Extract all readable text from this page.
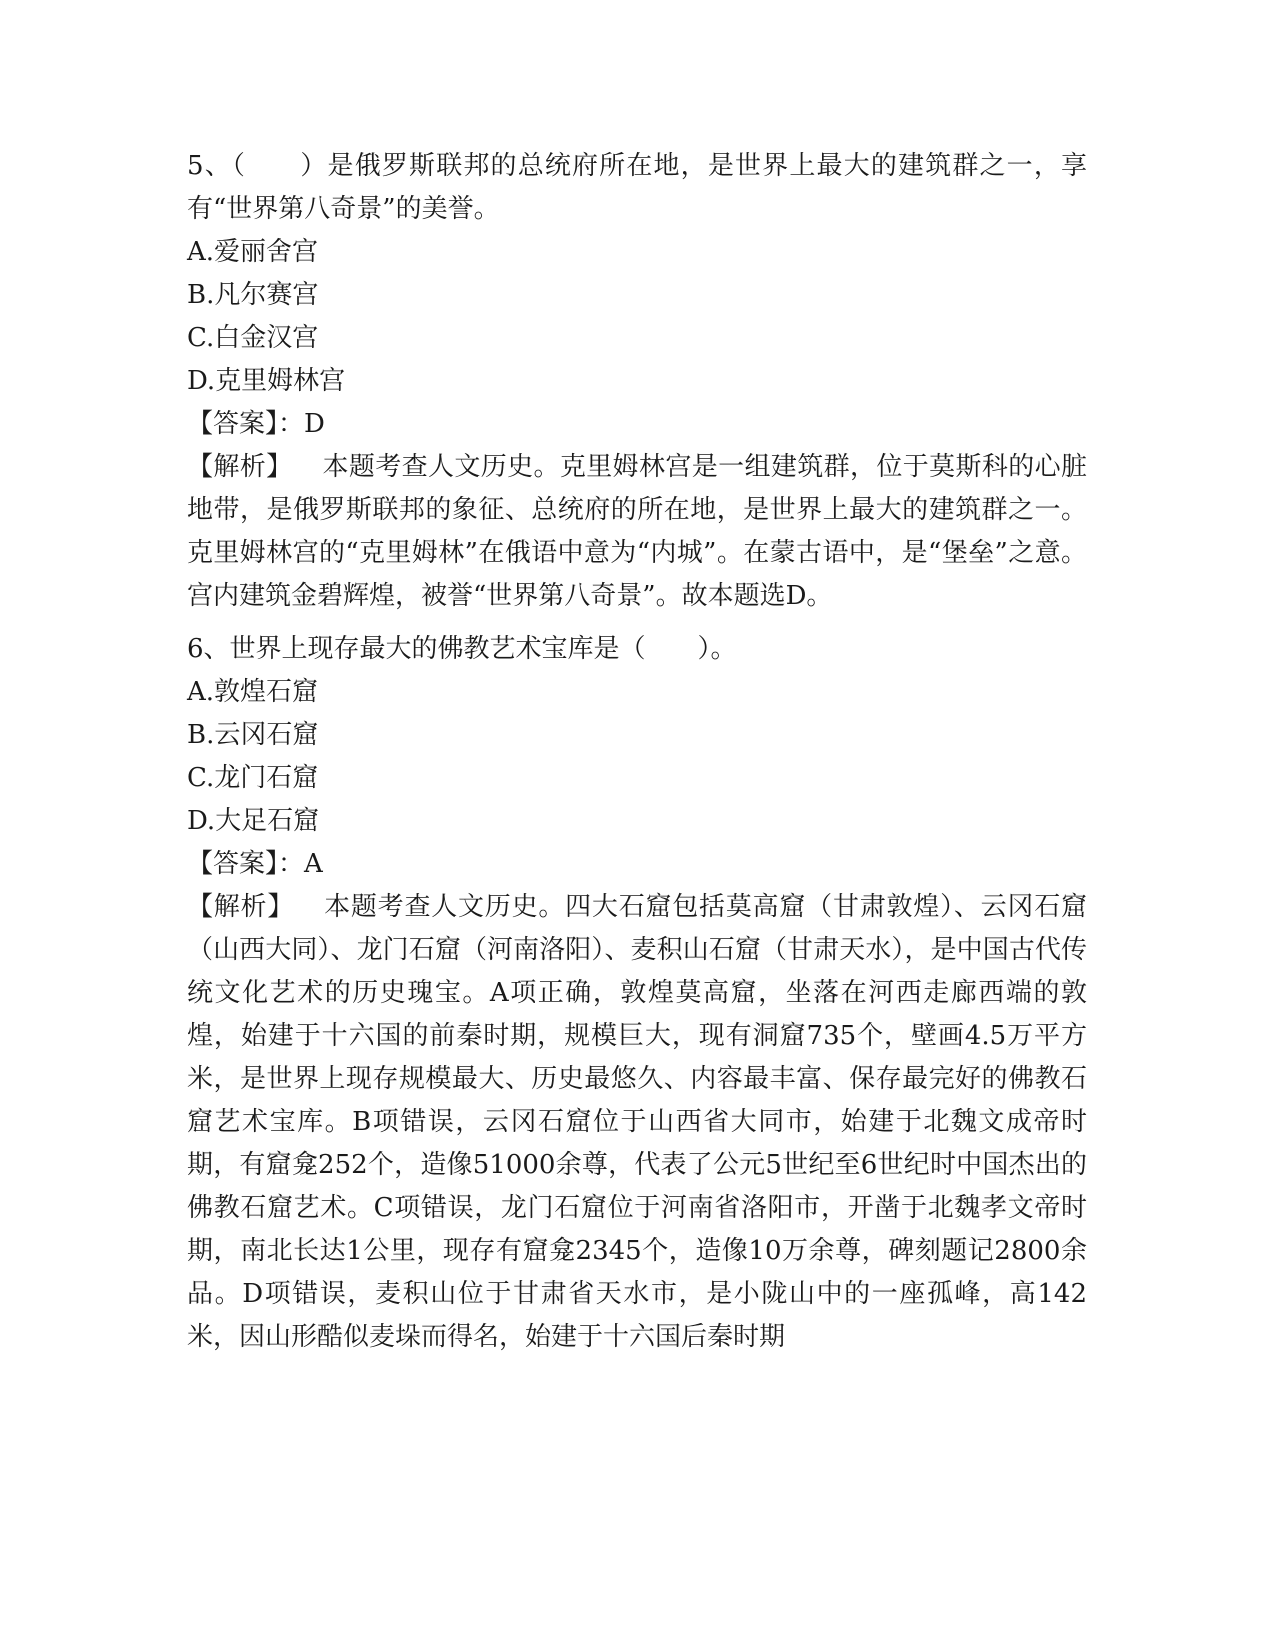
5、（　　）是俄罗斯联邦的总统府所在地，是世界上最大的建筑群之一，享有“世界第八奇景”的美誉。

A.爱丽舍宫

B.凡尔赛宫

C.白金汉宫

D.克里姆林宫

【答案】：D

【解析】 本题考查人文历史。克里姆林宫是一组建筑群，位于莫斯科的心脏地带，是俄罗斯联邦的象征、总统府的所在地，是世界上最大的建筑群之一。克里姆林宫的“克里姆林”在俄语中意为“内城”。在蒙古语中，是“堡垒”之意。宫内建筑金碧辉煌，被誉“世界第八奇景”。故本题选D。

6、世界上现存最大的佛教艺术宝库是（　　）。

A.敦煌石窟

B.云冈石窟

C.龙门石窟

D.大足石窟

【答案】：A

【解析】 本题考查人文历史。四大石窟包括莫高窟（甘肃敦煌）、云冈石窟（山西大同）、龙门石窟（河南洛阳）、麦积山石窟（甘肃天水），是中国古代传统文化艺术的历史瑰宝。A项正确，敦煌莫高窟，坐落在河西走廊西端的敦煌，始建于十六国的前秦时期，规模巨大，现有洞窟735个，壁画4.5万平方米，是世界上现存规模最大、历史最悠久、内容最丰富、保存最完好的佛教石窟艺术宝库。B项错误，云冈石窟位于山西省大同市，始建于北魏文成帝时期，有窟龛252个，造像51000余尊，代表了公元5世纪至6世纪时中国杰出的佛教石窟艺术。C项错误，龙门石窟位于河南省洛阳市，开凿于北魏孝文帝时期，南北长达1公里，现存有窟龛2345个，造像10万余尊，碑刻题记2800余品。D项错误，麦积山位于甘肃省天水市，是小陇山中的一座孤峰，高142米，因山形酷似麦垛而得名，始建于十六国后秦时期
